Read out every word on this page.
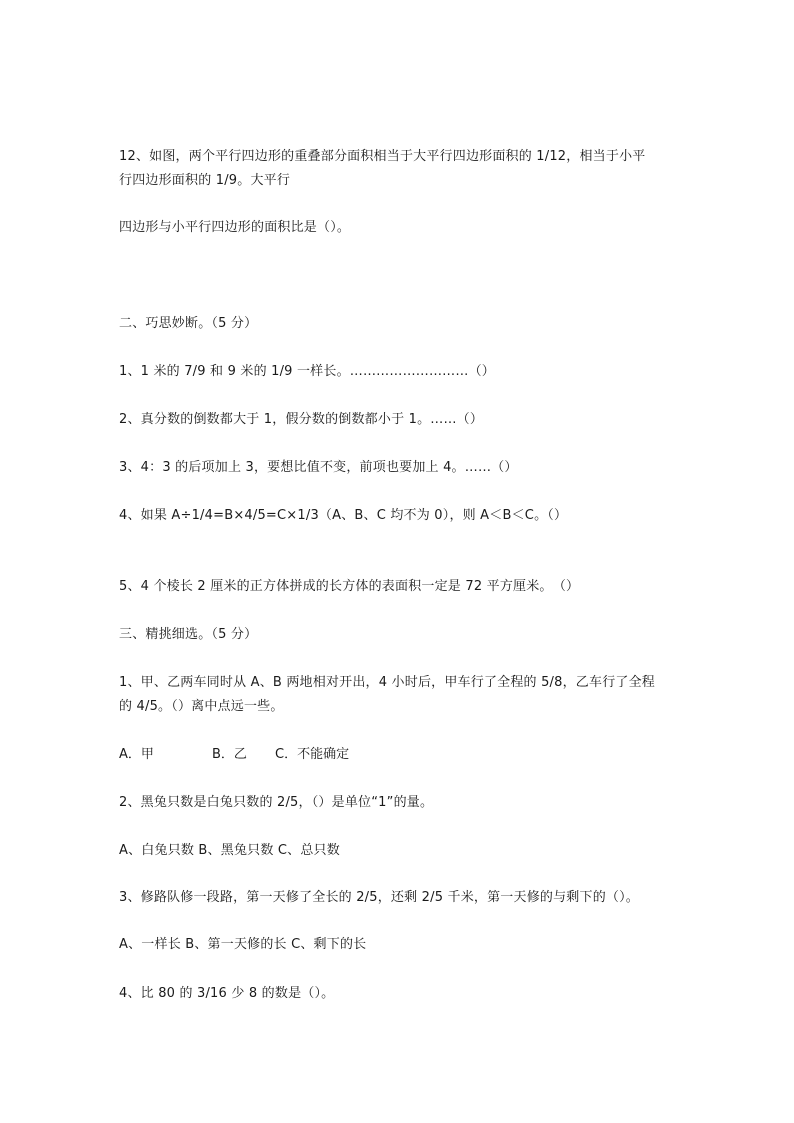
12、如图，两个平行四边形的重叠部分面积相当于大平行四边形面积的 1/12，相当于小平
行四边形面积的 1/9。大平行
四边形与小平行四边形的面积比是（）。
二、巧思妙断。（5 分）
1、1 米的 7/9 和 9 米的 1/9 一样长。………………………（）
2、真分数的倒数都大于 1，假分数的倒数都小于 1。……（）
3、4：3 的后项加上 3，要想比值不变，前项也要加上 4。……（）
4、如果 A÷1/4=B×4/5=C×1/3（A、B、C 均不为 0），则 A＜B＜C。（）
5、4 个棱长 2 厘米的正方体拼成的长方体的表面积一定是 72 平方厘米。　（）
三、精挑细选。（5 分）
1、甲、乙两车同时从 A、B 两地相对开出，4 小时后，甲车行了全程的 5/8，乙车行了全程
的 4/5。（）离中点远一些。
A．甲	B．乙 C．不能确定
2、黑兔只数是白兔只数的 2/5，（）是单位“1”的量。
A、白兔只数 B、黑兔只数 C、总只数
3、修路队修一段路，第一天修了全长的 2/5，还剩 2/5 千米，第一天修的与剩下的（）。
A、一样长 B、第一天修的长 C、剩下的长
4、比 80 的 3/16 少 8 的数是（）。
